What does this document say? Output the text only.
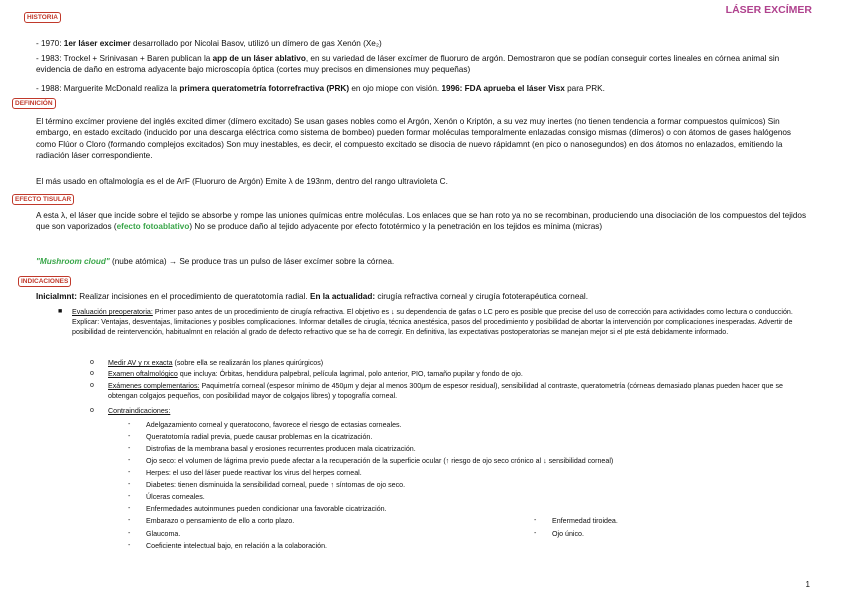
LÁSER EXCÍMER
HISTORIA
- 1970: 1er láser excimer desarrollado por Nicolai Basov, utilizó un dímero de gas Xenón (Xe₂)
- 1983: Trockel + Srinivasan + Baren publican la app de un láser ablativo, en su variedad de láser excímer de fluoruro de argón. Demostraron que se podían conseguir cortes lineales en córnea animal sin evidencia de daño en estroma adyacente bajo microscopía óptica (cortes muy precisos en dimensiones muy pequeñas)
- 1988: Marguerite McDonald realiza la primera queratometría fotorrefractiva (PRK) en ojo miope con visión. 1996: FDA aprueba el láser Visx para PRK.
DEFINICIÓN
El término excímer proviene del inglés excited dimer (dímero excitado) Se usan gases nobles como el Argón, Xenón o Kriptón, a su vez muy inertes (no tienen tendencia a formar compuestos químicos) Sin embargo, en estado excitado (inducido por una descarga eléctrica como sistema de bombeo) pueden formar moléculas temporalmente enlazadas consigo mismas (dímeros) o con átomos de gases halógenos como Flúor o Cloro (formando complejos excitados) Son muy inestables, es decir, el compuesto excitado se disocia de nuevo rápidamnt (en pico o nanosegundos) en dos átomos no enlazados, emitiendo la radiación láser correspondiente.
El más usado en oftalmología es el de ArF (Fluoruro de Argón) Emite λ de 193nm, dentro del rango ultravioleta C.
EFECTO TISULAR
A esta λ, el láser que incide sobre el tejido se absorbe y rompe las uniones químicas entre moléculas. Los enlaces que se han roto ya no se recombinan, produciendo una disociación de los compuestos del tejidos que son vaporizados (efecto fotoablativo) No se produce daño al tejido adyacente por efecto fototérmico y la penetración en los tejidos es mínima (micras)
"Mushroom cloud" (nube atómica) → Se produce tras un pulso de láser excímer sobre la córnea.
INDICACIONES
Inicialmnt: Realizar incisiones en el procedimiento de queratotomía radial. En la actualidad: cirugía refractiva corneal y cirugía fototerapéutica corneal.
■ Evaluación preoperatoria: Primer paso antes de un procedimiento de cirugía refractiva. El objetivo es ↓ su dependencia de gafas o LC pero es posible que precise del uso de corrección para actividades como lectura o conducción. Explicar: Ventajas, desventajas, limitaciones y posibles complicaciones. Informar detalles de cirugía, técnica anestésica, pasos del procedimiento y posibilidad de abortar la intervención por complicaciones inesperadas. Advertir de posibilidad de reintervención, habitualmnt en relación al grado de defecto refractivo que se ha de corregir. En definitiva, las expectativas postoperatorias se manejan mejor si el pte está debidamente informado.
o Medir AV y rx exacta (sobre ella se realizarán los planes quirúrgicos)
o Examen oftalmológico que incluya: Órbitas, hendidura palpebral, película lagrimal, polo anterior, PIO, tamaño pupilar y fondo de ojo.
o Exámenes complementarios: Paquimetría corneal (espesor mínimo de 450µm y dejar al menos 300µm de espesor residual), sensibilidad al contraste, queratometría (córneas demasiado planas pueden hacer que se obtengan colgajos pequeños, con posibilidad mayor de colgajos libres) y topografía corneal.
o Contraindicaciones:
- Adelgazamiento corneal y queratocono, favorece el riesgo de ectasias corneales.
- Queratotomía radial previa, puede causar problemas en la cicatrización.
- Distrofias de la membrana basal y erosiones recurrentes producen mala cicatrización.
- Ojo seco: el volumen de lágrima previo puede afectar a la recuperación de la superficie ocular (↑ riesgo de ojo seco crónico al ↓ sensibilidad corneal)
- Herpes: el uso del láser puede reactivar los virus del herpes corneal.
- Diabetes: tienen disminuida la sensibilidad corneal, puede ↑ síntomas de ojo seco.
- Úlceras corneales.
- Enfermedades autoinmunes pueden condicionar una favorable cicatrización.
- Embarazo o pensamiento de ello a corto plazo.
- Glaucoma.
- Coeficiente intelectual bajo, en relación a la colaboración.
- Enfermedad tiroidea.
- Ojo único.
1
